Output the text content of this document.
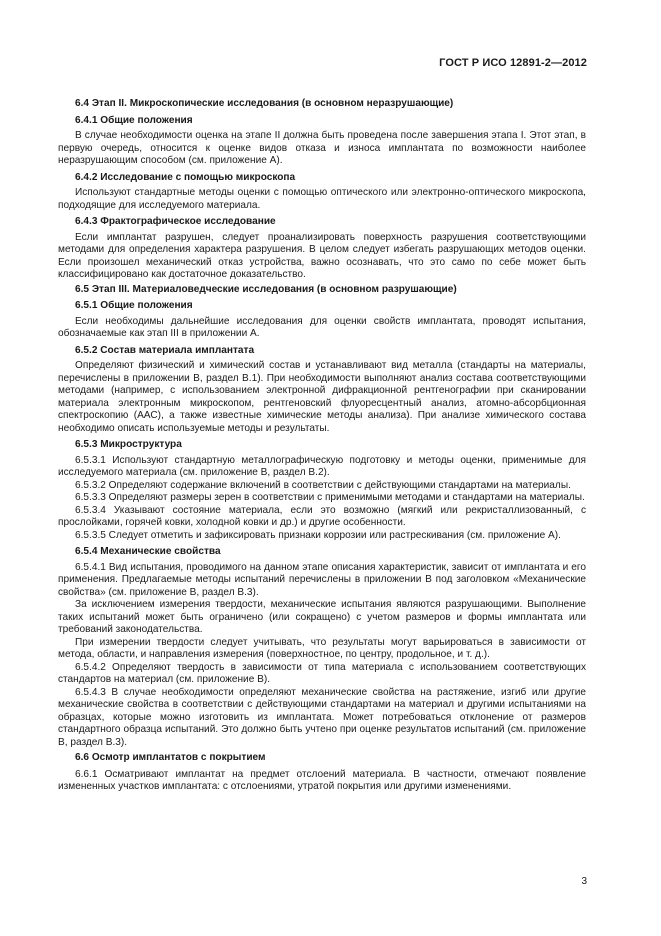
ГОСТ Р ИСО 12891-2—2012
6.4 Этап II. Микроскопические исследования (в основном неразрушающие)
6.4.1 Общие положения
В случае необходимости оценка на этапе II должна быть проведена после завершения этапа I. Этот этап, в первую очередь, относится к оценке видов отказа и износа имплантата по возможности наиболее неразрушающим способом (см. приложение А).
6.4.2 Исследование с помощью микроскопа
Используют стандартные методы оценки с помощью оптического или электронно-оптического микроскопа, подходящие для исследуемого материала.
6.4.3 Фрактографическое исследование
Если имплантат разрушен, следует проанализировать поверхность разрушения соответствующими методами для определения характера разрушения. В целом следует избегать разрушающих методов оценки. Если произошел механический отказ устройства, важно осознавать, что это само по себе может быть классифицировано как достаточное доказательство.
6.5 Этап III. Материаловедческие исследования (в основном разрушающие)
6.5.1 Общие положения
Если необходимы дальнейшие исследования для оценки свойств имплантата, проводят испытания, обозначаемые как этап III в приложении А.
6.5.2 Состав материала имплантата
Определяют физический и химический состав и устанавливают вид металла (стандарты на материалы, перечислены в приложении В, раздел В.1). При необходимости выполняют анализ состава соответствующими методами (например, с использованием электронной дифракционной рентгенографии при сканировании материала электронным микроскопом, рентгеновский флуоресцентный анализ, атомно-абсорбционная спектроскопию (ААС), а также известные химические методы анализа). При анализе химического состава необходимо описать используемые методы и результаты.
6.5.3 Микроструктура
6.5.3.1 Используют стандартную металлографическую подготовку и методы оценки, применимые для исследуемого материала (см. приложение В, раздел В.2).
6.5.3.2 Определяют содержание включений в соответствии с действующими стандартами на материалы.
6.5.3.3 Определяют размеры зерен в соответствии с применимыми методами и стандартами на материалы.
6.5.3.4 Указывают состояние материала, если это возможно (мягкий или рекристаллизованный, с прослойками, горячей ковки, холодной ковки и др.) и другие особенности.
6.5.3.5 Следует отметить и зафиксировать признаки коррозии или растрескивания (см. приложение А).
6.5.4 Механические свойства
6.5.4.1 Вид испытания, проводимого на данном этапе описания характеристик, зависит от имплантата и его применения. Предлагаемые методы испытаний перечислены в приложении В под заголовком «Механические свойства» (см. приложение В, раздел В.3).
За исключением измерения твердости, механические испытания являются разрушающими. Выполнение таких испытаний может быть ограничено (или сокращено) с учетом размеров и формы имплантата или требований законодательства.
При измерении твердости следует учитывать, что результаты могут варьироваться в зависимости от метода, области, и направления измерения (поверхностное, по центру, продольное, и т. д.).
6.5.4.2 Определяют твердость в зависимости от типа материала с использованием соответствующих стандартов на материал (см. приложение В).
6.5.4.3 В случае необходимости определяют механические свойства на растяжение, изгиб или другие механические свойства в соответствии с действующими стандартами на материал и другими испытаниями на образцах, которые можно изготовить из имплантата. Может потребоваться отклонение от размеров стандартного образца испытаний. Это должно быть учтено при оценке результатов испытаний (см. приложение В, раздел В.3).
6.6 Осмотр имплантатов с покрытием
6.6.1 Осматривают имплантат на предмет отслоений материала. В частности, отмечают появление измененных участков имплантата: с отслоениями, утратой покрытия или другими изменениями.
3
